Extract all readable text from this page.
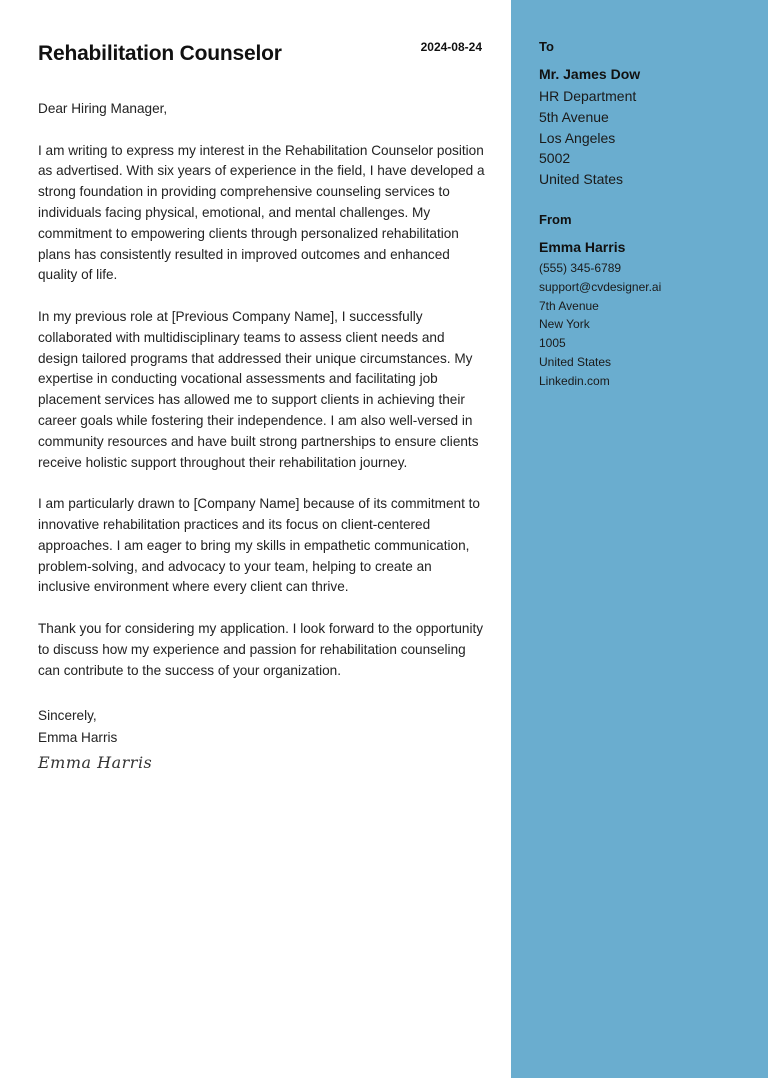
Rehabilitation Counselor	2024-08-24
Dear Hiring Manager,

I am writing to express my interest in the Rehabilitation Counselor position as advertised. With six years of experience in the field, I have developed a strong foundation in providing comprehensive counseling services to individuals facing physical, emotional, and mental challenges. My commitment to empowering clients through personalized rehabilitation plans has consistently resulted in improved outcomes and enhanced quality of life.

In my previous role at [Previous Company Name], I successfully collaborated with multidisciplinary teams to assess client needs and design tailored programs that addressed their unique circumstances. My expertise in conducting vocational assessments and facilitating job placement services has allowed me to support clients in achieving their career goals while fostering their independence. I am also well-versed in community resources and have built strong partnerships to ensure clients receive holistic support throughout their rehabilitation journey.

I am particularly drawn to [Company Name] because of its commitment to innovative rehabilitation practices and its focus on client-centered approaches. I am eager to bring my skills in empathetic communication, problem-solving, and advocacy to your team, helping to create an inclusive environment where every client can thrive.

Thank you for considering my application. I look forward to the opportunity to discuss how my experience and passion for rehabilitation counseling can contribute to the success of your organization.

Sincerely,
Emma Harris
Emma Harris
To
Mr. James Dow
HR Department
5th Avenue
Los Angeles
5002
United States
From
Emma Harris
(555) 345-6789
support@cvdesigner.ai
7th Avenue
New York
1005
United States
Linkedin.com
